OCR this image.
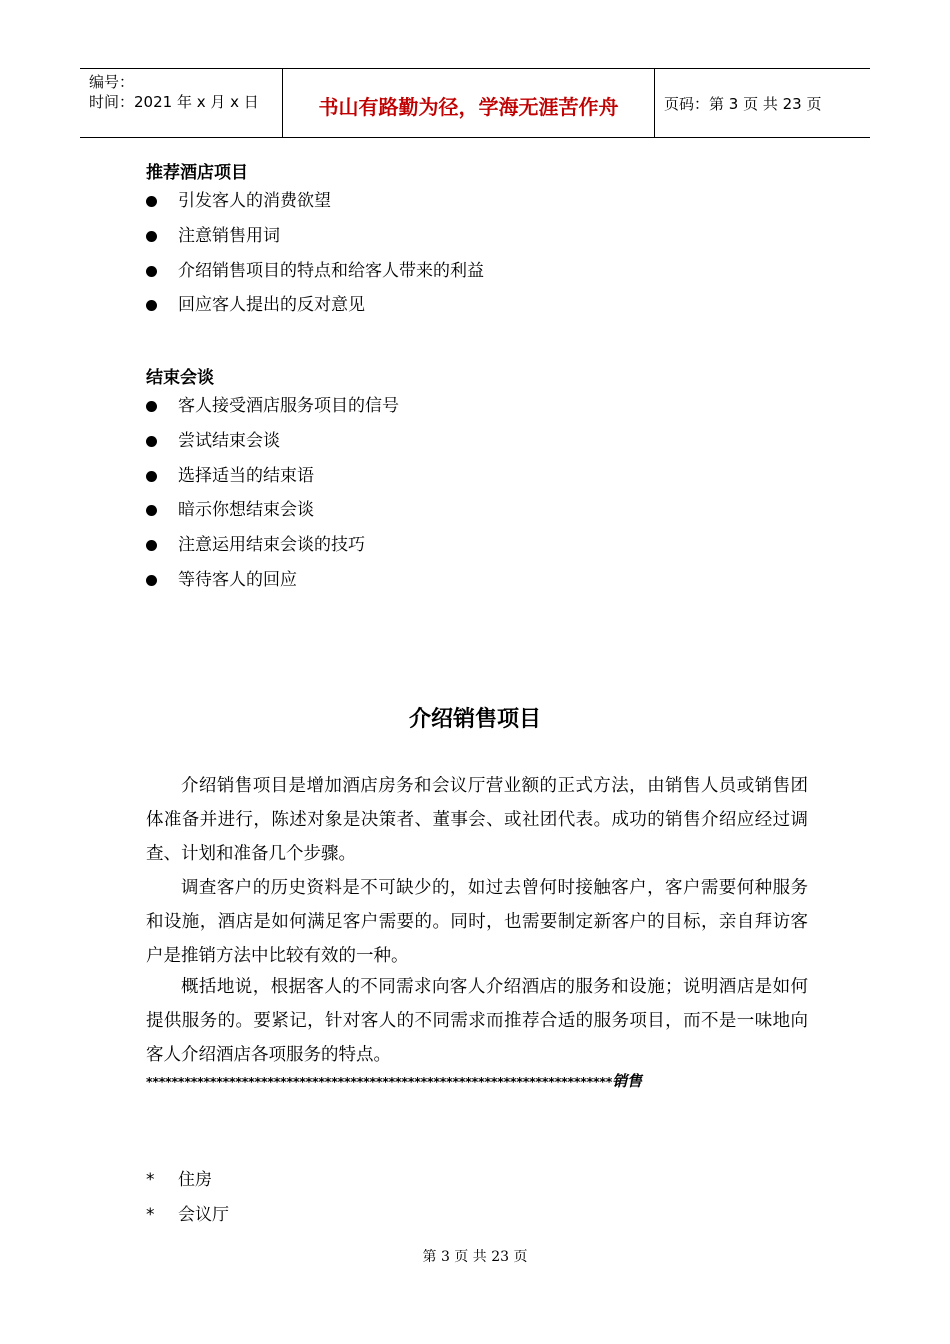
编号：
时间：2021 年 x 月 x 日	书山有路勤为径，学海无涯苦作舟	页码：第 3 页 共 23 页
推荐酒店项目
引发客人的消费欲望
注意销售用词
介绍销售项目的特点和给客人带来的利益
回应客人提出的反对意见
结束会谈
客人接受酒店服务项目的信号
尝试结束会谈
选择适当的结束语
暗示你想结束会谈
注意运用结束会谈的技巧
等待客人的回应
介绍销售项目

介绍销售项目是增加酒店房务和会议厅营业额的正式方法，由销售人员或销售团体准备并进行，陈述对象是决策者、董事会、或社团代表。成功的销售介绍应经过调查、计划和准备几个步骤。

调查客户的历史资料是不可缺少的，如过去曾何时接触客户，客户需要何种服务和设施，酒店是如何满足客户需要的。同时，也需要制定新客户的目标，亲自拜访客户是推销方法中比较有效的一种。

概括地说，根据客人的不同需求向客人介绍酒店的服务和设施；说明酒店是如何提供服务的。要紧记，针对客人的不同需求而推荐合适的服务项目，而不是一味地向客人介绍酒店各项服务的特点。

*************************************************************************销售
* 住房
* 会议厅
第 3 页 共 23 页
